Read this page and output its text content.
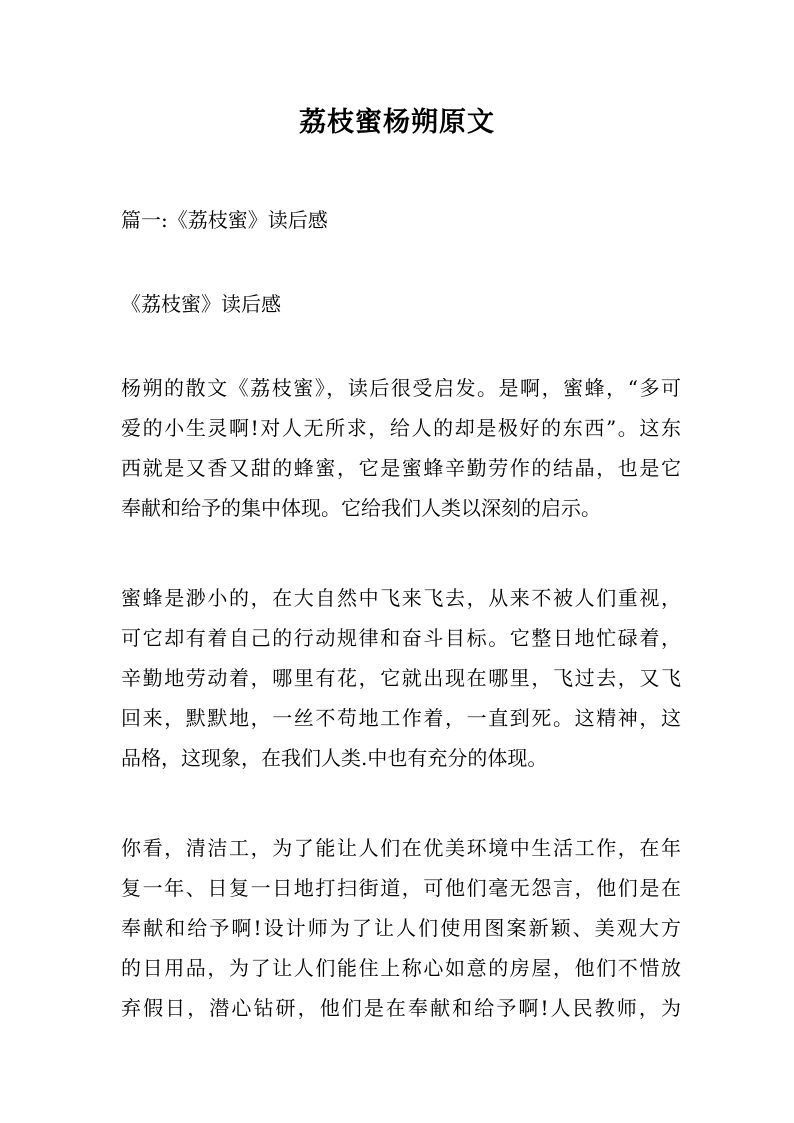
荔枝蜜杨朔原文
篇一:《荔枝蜜》读后感
《荔枝蜜》读后感
杨朔的散文《荔枝蜜》，读后很受启发。是啊，蜜蜂，“多可
爱的小生灵啊!对人无所求，给人的却是极好的东西”。这东
西就是又香又甜的蜂蜜，它是蜜蜂辛勤劳作的结晶，也是它
奉献和给予的集中体现。它给我们人类以深刻的启示。
蜜蜂是渺小的，在大自然中飞来飞去，从来不被人们重视，
可它却有着自己的行动规律和奋斗目标。它整日地忙碌着，
辛勤地劳动着，哪里有花，它就出现在哪里，飞过去，又飞
回来，默默地，一丝不苟地工作着，一直到死。这精神，这
品格，这现象，在我们人类.中也有充分的体现。
你看，清洁工，为了能让人们在优美环境中生活工作，在年
复一年、日复一日地打扫街道，可他们毫无怨言，他们是在
奉献和给予啊!设计师为了让人们使用图案新颖、美观大方
的日用品，为了让人们能住上称心如意的房屋，他们不惜放
弃假日，潜心钻研，他们是在奉献和给予啊!人民教师，为
